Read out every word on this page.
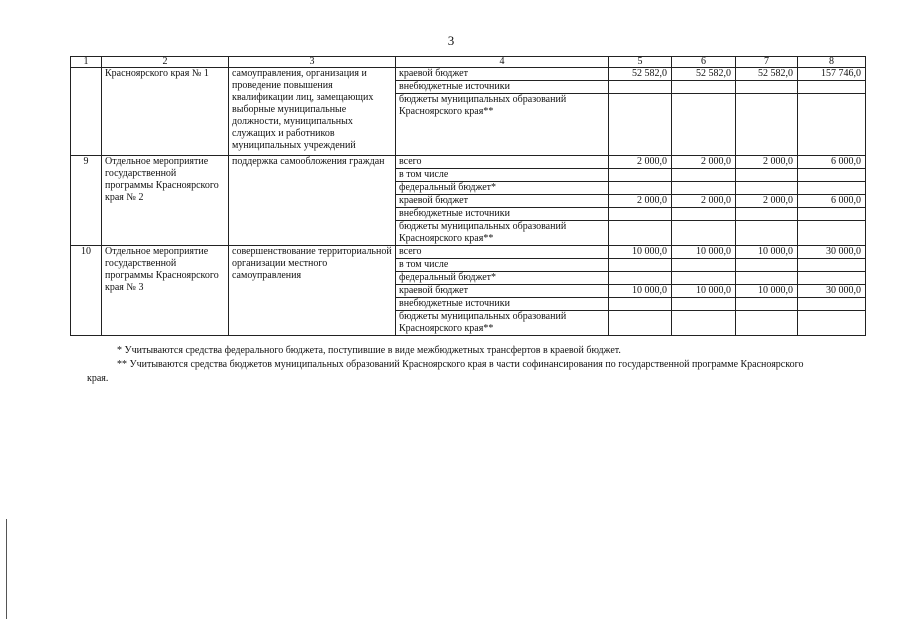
3
1	2	3	4	5	6	7	8
	Красноярского края № 1	самоуправления, организация и проведение повышения квалификации лиц, замещающих выборные муниципальные должности, муниципальных служащих и работников муниципальных учреждений	краевой бюджет	52 582,0	52 582,0	52 582,0	157 746,0
			внебюджетные источники				
			бюджеты муниципальных образований Красноярского края**				
9	Отдельное мероприятие государственной программы Красноярского края № 2	поддержка самообложения граждан	всего	2 000,0	2 000,0	2 000,0	6 000,0
			в том числе				
			федеральный бюджет*				
			краевой бюджет	2 000,0	2 000,0	2 000,0	6 000,0
			внебюджетные источники				
			бюджеты муниципальных образований Красноярского края**				
10	Отдельное мероприятие государственной программы Красноярского края № 3	совершенствование территориальной организации местного самоуправления	всего	10 000,0	10 000,0	10 000,0	30 000,0
			в том числе				
			федеральный бюджет*				
			краевой бюджет	10 000,0	10 000,0	10 000,0	30 000,0
			внебюджетные источники				
			бюджеты муниципальных образований Красноярского края**				
* Учитываются средства федерального бюджета, поступившие в виде межбюджетных трансфертов в краевой бюджет.
** Учитываются средства бюджетов муниципальных образований Красноярского края в части софинансирования по государственной программе Красноярского
края.
